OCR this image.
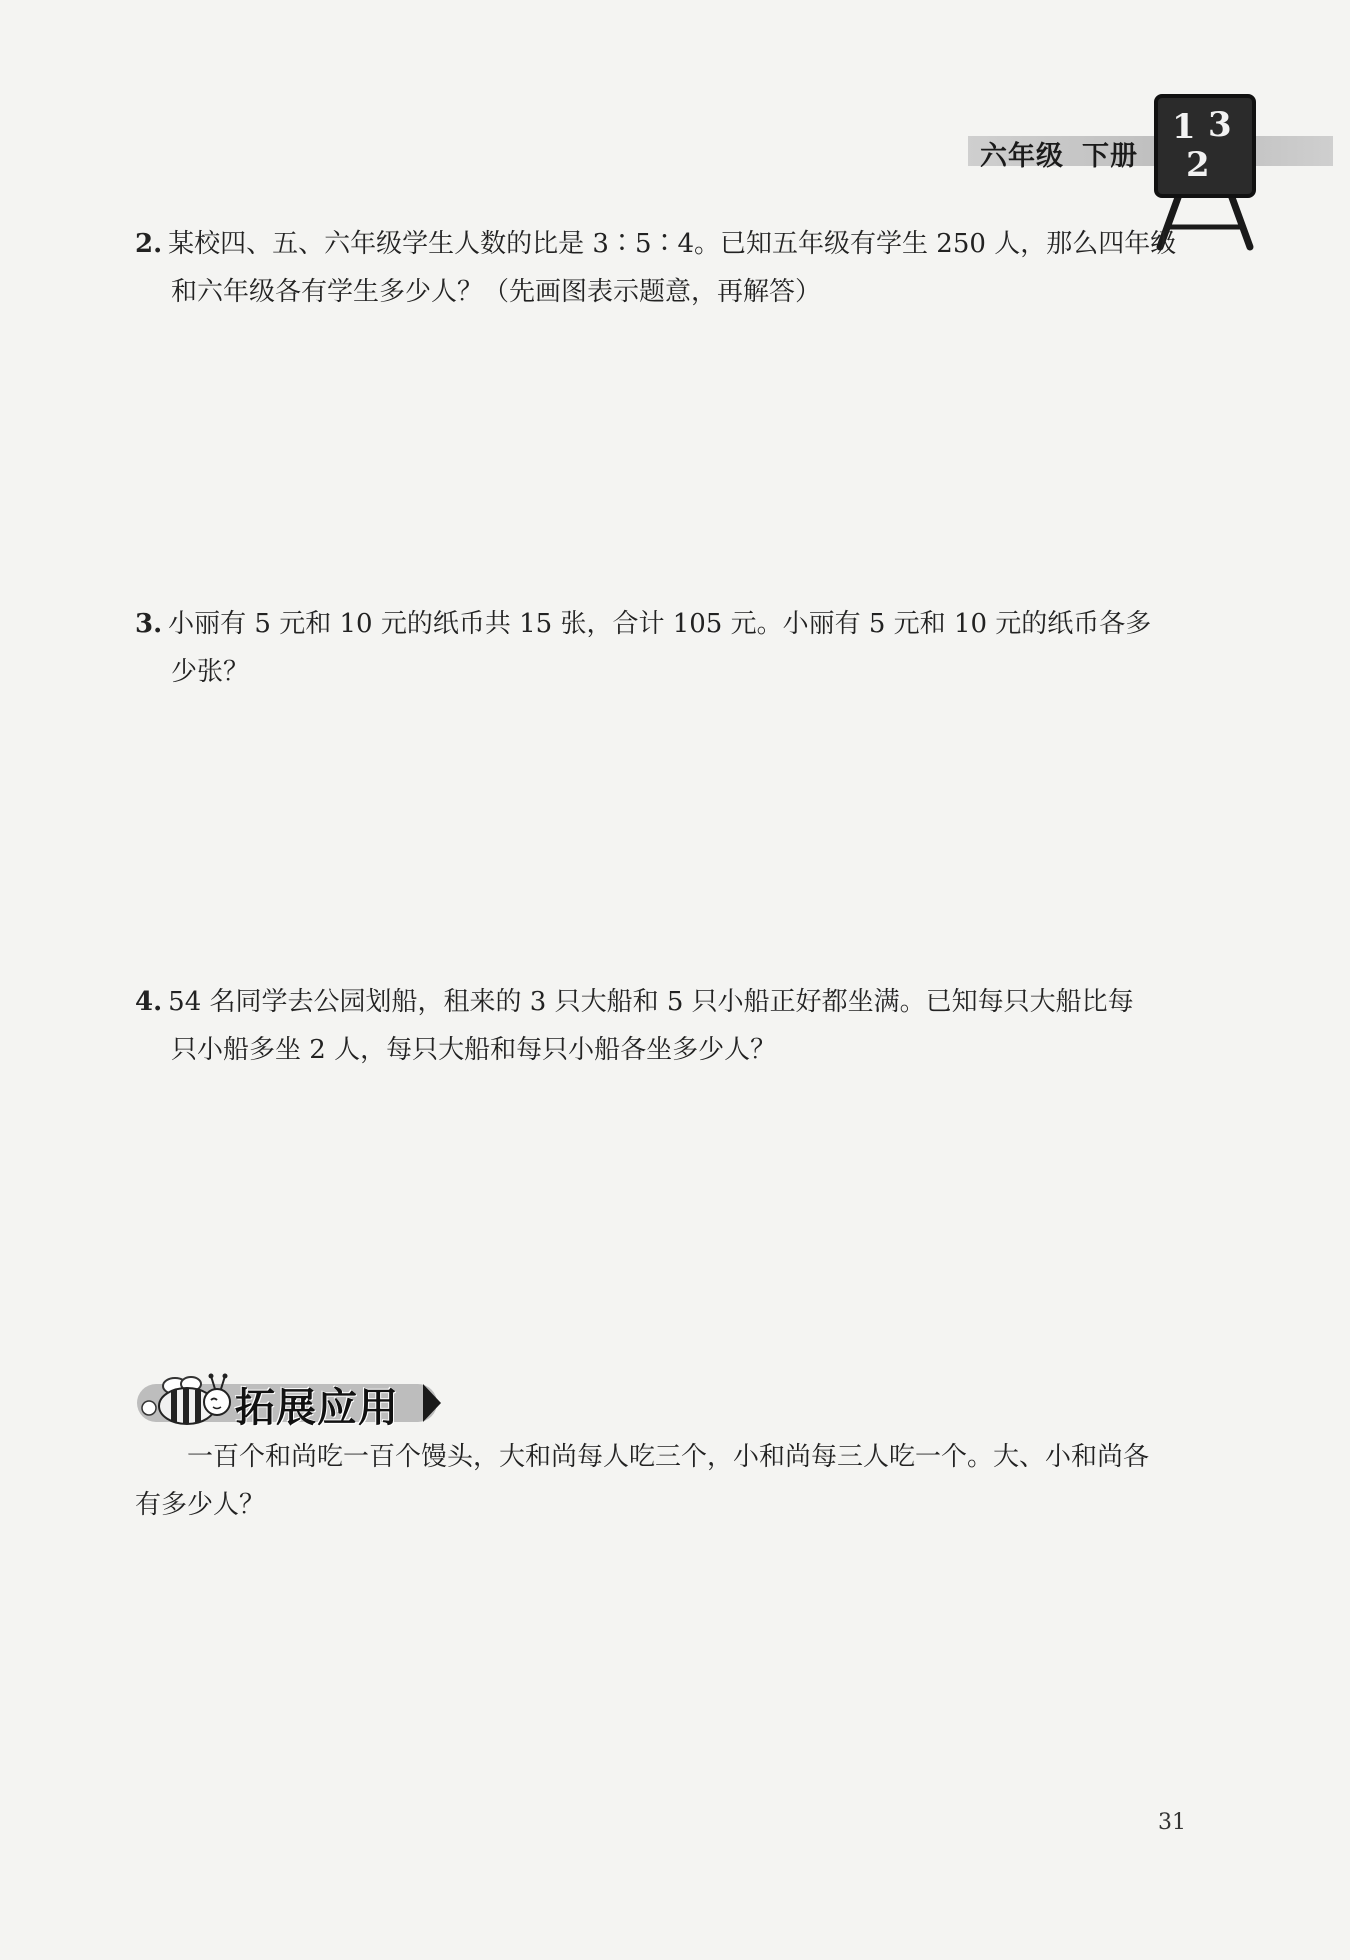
六年级 下册
1 3
2
2. 某校四、五、六年级学生人数的比是 3∶5∶4。已知五年级有学生 250 人，那么四年级
和六年级各有学生多少人？（先画图表示题意，再解答）
3. 小丽有 5 元和 10 元的纸币共 15 张，合计 105 元。小丽有 5 元和 10 元的纸币各多
少张？
4. 54 名同学去公园划船，租来的 3 只大船和 5 只小船正好都坐满。已知每只大船比每
只小船多坐 2 人，每只大船和每只小船各坐多少人？
拓展应用
一百个和尚吃一百个馒头，大和尚每人吃三个，小和尚每三人吃一个。大、小和尚各
有多少人？
31
